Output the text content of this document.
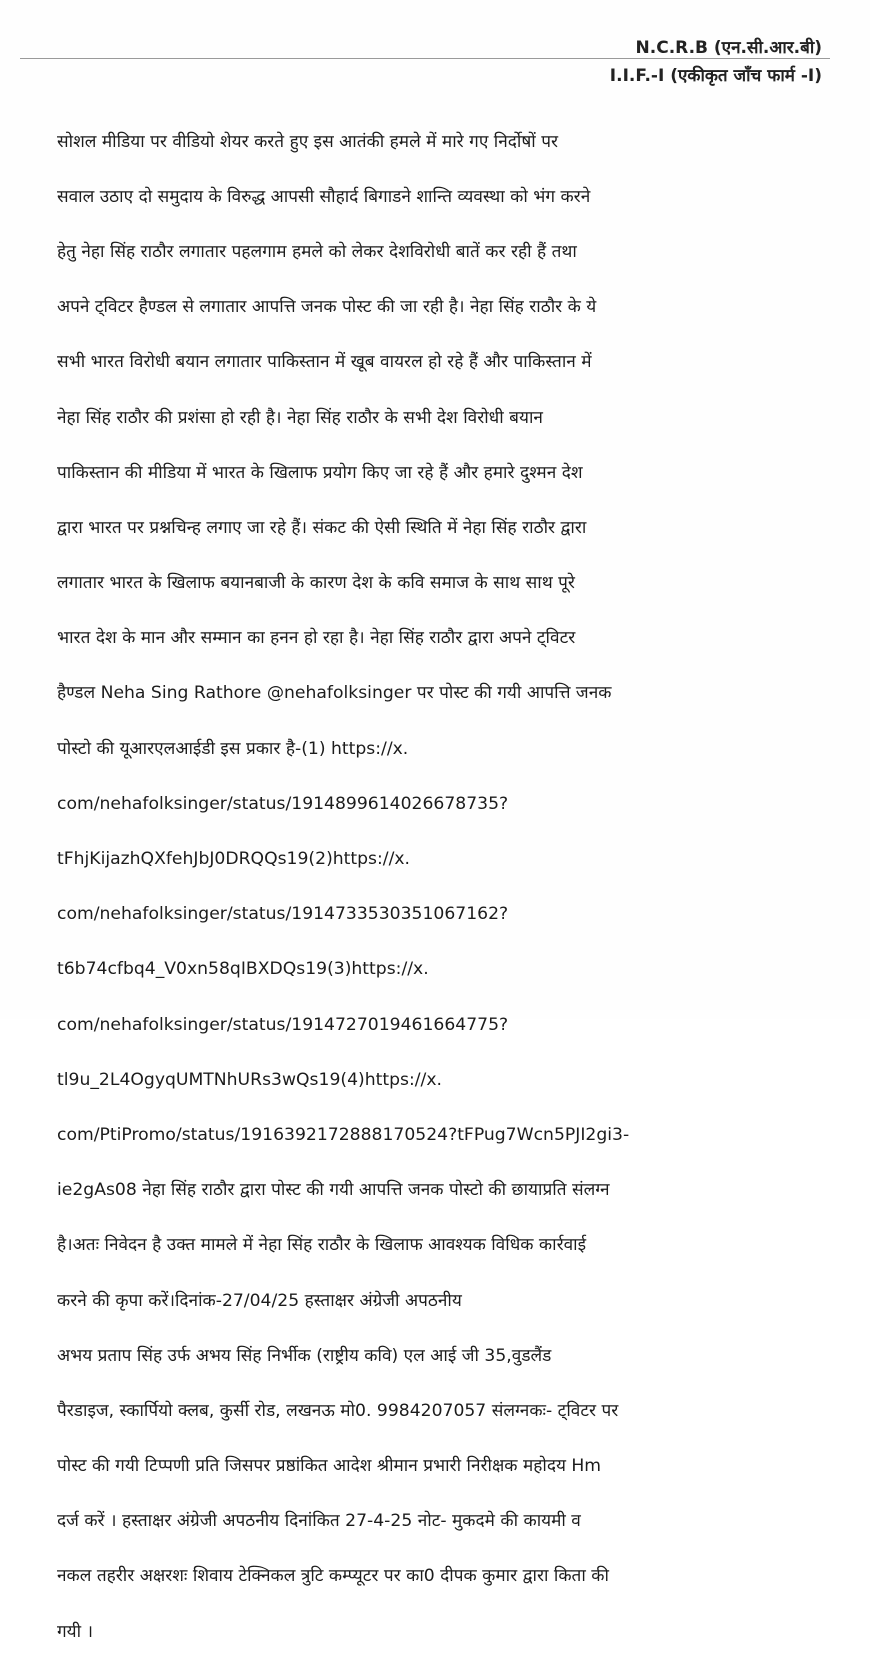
N.C.R.B (एन.सी.आर.बी)
I.I.F.-I (एकीकृत जाँच फार्म -I)

सोशल मीडिया पर वीडियो शेयर करते हुए इस आतंकी हमले में मारे गए निर्दोषों पर

सवाल उठाए दो समुदाय के विरुद्ध आपसी सौहार्द बिगाडने शान्ति व्यवस्था को भंग करने

हेतु नेहा सिंह राठौर लगातार पहलगाम हमले को लेकर देशविरोधी बातें कर रही हैं तथा

अपने ट्विटर हैण्डल से लगातार आपत्ति जनक पोस्ट की जा रही है। नेहा सिंह राठौर के ये

सभी भारत विरोधी बयान लगातार पाकिस्तान में खूब वायरल हो रहे हैं और पाकिस्तान में

नेहा सिंह राठौर की प्रशंसा हो रही है। नेहा सिंह राठौर के सभी देश विरोधी बयान

पाकिस्तान की मीडिया में भारत के खिलाफ प्रयोग किए जा रहे हैं और हमारे दुश्मन देश

द्वारा भारत पर प्रश्नचिन्ह लगाए जा रहे हैं। संकट की ऐसी स्थिति में नेहा सिंह राठौर द्वारा

लगातार भारत के खिलाफ बयानबाजी के कारण देश के कवि समाज के साथ साथ पूरे

भारत देश के मान और सम्मान का हनन हो रहा है। नेहा सिंह राठौर द्वारा अपने ट्विटर

हैण्डल Neha Sing Rathore @nehafolksinger पर पोस्ट की गयी आपत्ति जनक

पोस्टो की यूआरएलआईडी इस प्रकार है-(1) https://x.

com/nehafolksinger/status/1914899614026678735?

tFhjKijazhQXfehJbJ0DRQQs19(2)https://x.

com/nehafolksinger/status/1914733530351067162?

t6b74cfbq4_V0xn58qIBXDQs19(3)https://x.

com/nehafolksinger/status/1914727019461664775?

tl9u_2L4OgyqUMTNhURs3wQs19(4)https://x.

com/PtiPromo/status/1916392172888170524?tFPug7Wcn5PJI2gi3-

ie2gAs08 नेहा सिंह राठौर द्वारा पोस्ट की गयी आपत्ति जनक पोस्टो की छायाप्रति संलग्न

है।अतः निवेदन है उक्त मामले में नेहा सिंह राठौर के खिलाफ आवश्यक विधिक कार्रवाई

करने की कृपा करें।दिनांक-27/04/25 हस्ताक्षर अंग्रेजी अपठनीय

अभय प्रताप सिंह उर्फ अभय सिंह निर्भीक (राष्ट्रीय कवि) एल आई जी 35,वुडलैंड

पैरडाइज, स्कार्पियो क्लब, कुर्सी रोड, लखनऊ मो0. 9984207057 संलग्नकः- ट्विटर पर

पोस्ट की गयी टिप्पणी प्रति जिसपर प्रष्ठांकित आदेश श्रीमान प्रभारी निरीक्षक महोदय Hm

दर्ज करें । हस्ताक्षर अंग्रेजी अपठनीय दिनांकित 27-4-25 नोट- मुकदमे की कायमी व

नकल तहरीर अक्षरशः शिवाय टेक्निकल त्रुटि कम्प्यूटर पर का0 दीपक कुमार द्वारा किता की

गयी ।
